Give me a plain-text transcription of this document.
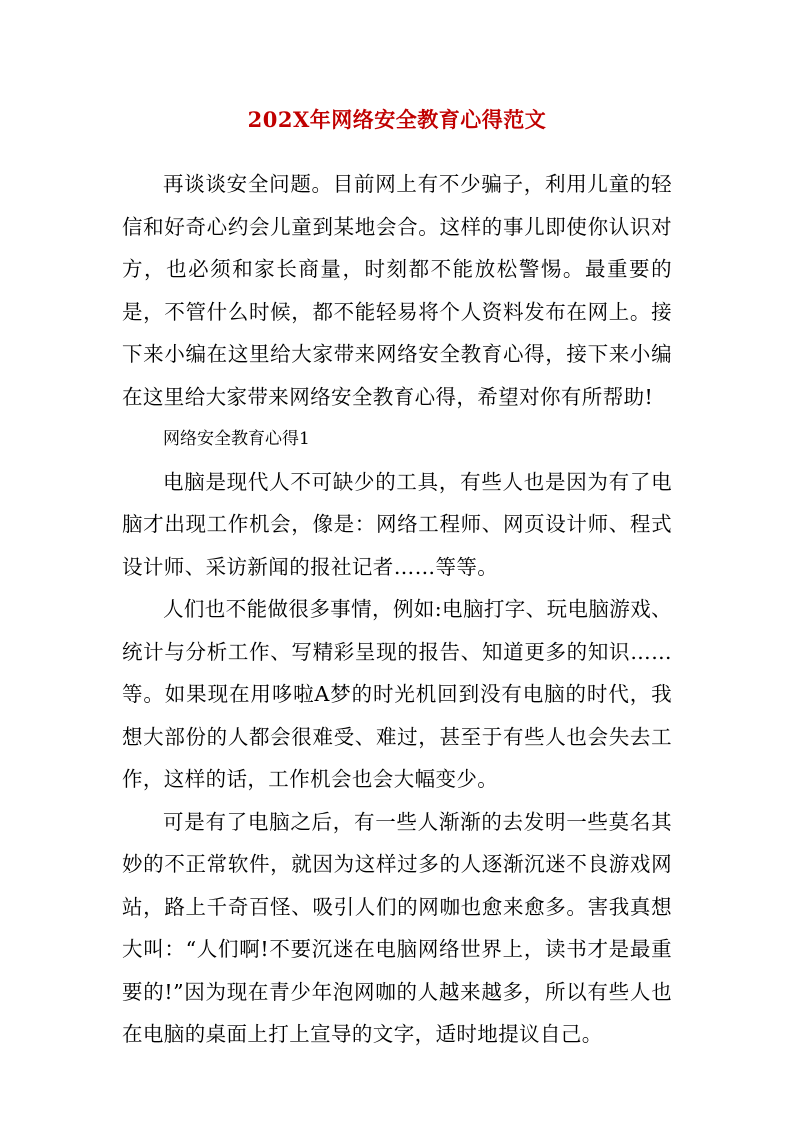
202X年网络安全教育心得范文

再谈谈安全问题。目前网上有不少骗子，利用儿童的轻信和好奇心约会儿童到某地会合。这样的事儿即使你认识对方，也必须和家长商量，时刻都不能放松警惕。最重要的是，不管什么时候，都不能轻易将个人资料发布在网上。接下来小编在这里给大家带来网络安全教育心得，接下来小编在这里给大家带来网络安全教育心得，希望对你有所帮助!

网络安全教育心得1

电脑是现代人不可缺少的工具，有些人也是因为有了电脑才出现工作机会，像是：网络工程师、网页设计师、程式设计师、采访新闻的报社记者……等等。

人们也不能做很多事情，例如:电脑打字、玩电脑游戏、统计与分析工作、写精彩呈现的报告、知道更多的知识……等。如果现在用哆啦A梦的时光机回到没有电脑的时代，我想大部份的人都会很难受、难过，甚至于有些人也会失去工作，这样的话，工作机会也会大幅变少。

可是有了电脑之后，有一些人渐渐的去发明一些莫名其妙的不正常软件，就因为这样过多的人逐渐沉迷不良游戏网站，路上千奇百怪、吸引人们的网咖也愈来愈多。害我真想大叫：“人们啊!不要沉迷在电脑网络世界上，读书才是最重要的!”因为现在青少年泡网咖的人越来越多，所以有些人也在电脑的桌面上打上宣导的文字，适时地提议自己。
